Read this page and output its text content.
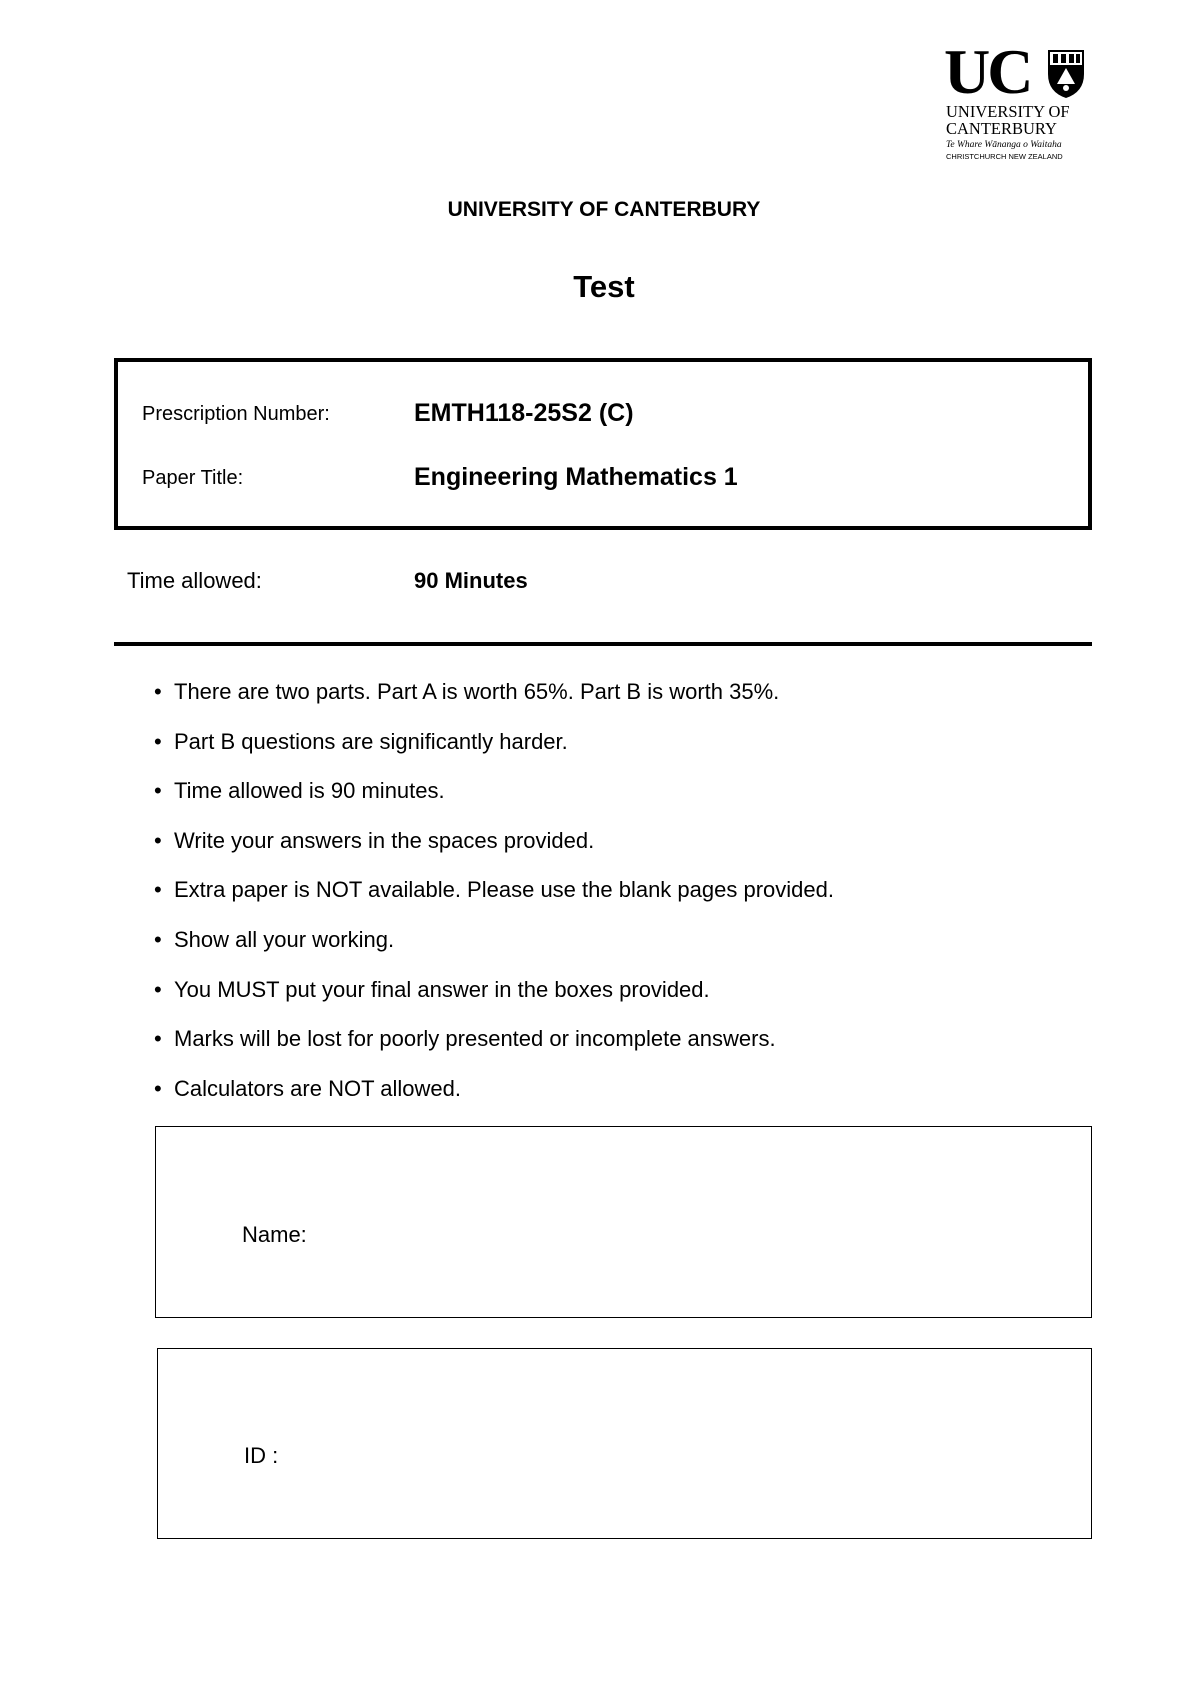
UC
UNIVERSITY OF
CANTERBURY
Te Whare Wānanga o Waitaha
CHRISTCHURCH NEW ZEALAND
UNIVERSITY OF CANTERBURY
Test
Prescription Number:	EMTH118-25S2 (C)
Paper Title:	Engineering Mathematics 1
Time allowed:	90 Minutes
• There are two parts. Part A is worth 65%. Part B is worth 35%.
• Part B questions are significantly harder.
• Time allowed is 90 minutes.
• Write your answers in the spaces provided.
• Extra paper is NOT available. Please use the blank pages provided.
• Show all your working.
• You MUST put your final answer in the boxes provided.
• Marks will be lost for poorly presented or incomplete answers.
• Calculators are NOT allowed.
Name:
ID :
